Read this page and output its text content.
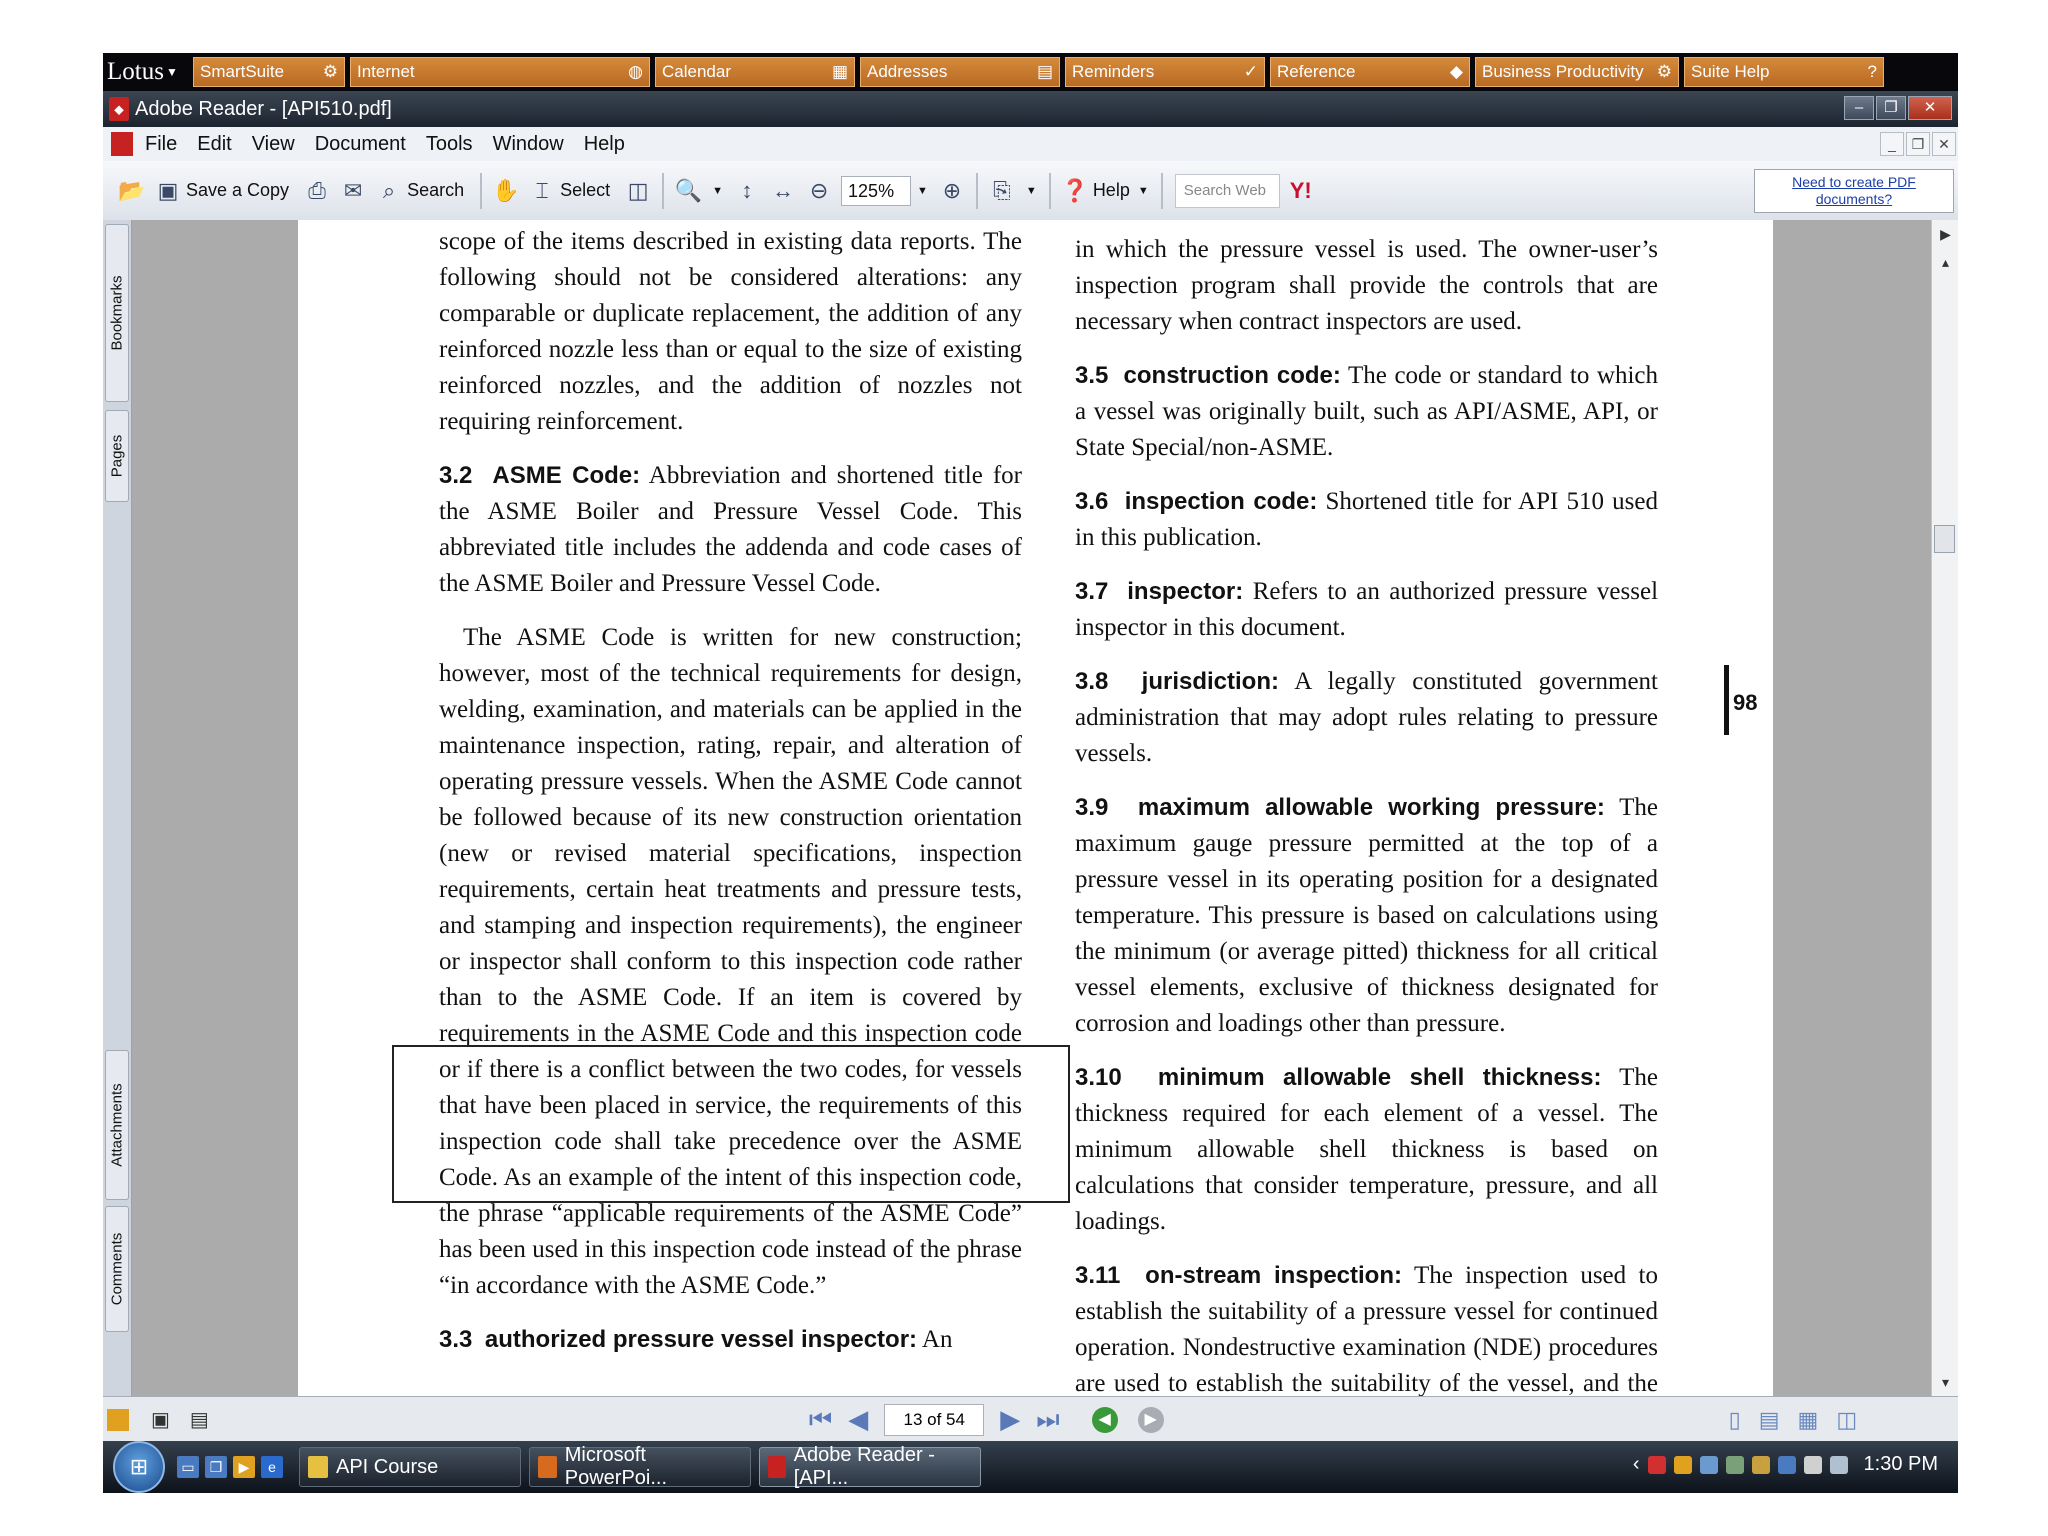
Lotus ▼ SmartSuite ⚙ Internet	◍ Calendar	▦ Addresses	▤ Reminders	✓ Reference	◆ Business Productivity ⚙ Suite Help	?
⬥ Adobe Reader - [API510.pdf]	–	❐	✕
File	Edit	View	Document	Tools	Window	Help	_	❐ ✕
📂 ▣ Save a Copy ⎙ ✉ ⌕ Search ✋ ⌶ Select ◫ 🔍 ▼ ↕ ↔ ⊖	125%	▼ ⊕ ⎘	▼ ❓ Help ▼	Search Web	Y!	Need to create PDF documents?
Bookmarks
Pages
Attachments
Comments

scope of the items described in existing data reports. The following should not be considered alterations: any comparable or duplicate replacement, the addition of any reinforced nozzle less than or equal to the size of existing reinforced nozzles, and the addition of nozzles not requiring reinforcement.

3.2 ASME Code: Abbreviation and shortened title for the ASME Boiler and Pressure Vessel Code. This abbreviated title includes the addenda and code cases of the ASME Boiler and Pressure Vessel Code.

The ASME Code is written for new construction; however, most of the technical requirements for design, welding, examination, and materials can be applied in the maintenance inspection, rating, repair, and alteration of operating pressure vessels. When the ASME Code cannot be followed because of its new construction orientation (new or revised material specifications, inspection requirements, certain heat treatments and pressure tests, and stamping and inspection requirements), the engineer or inspector shall conform to this inspection code rather than to the ASME Code. If an item is covered by requirements in the ASME Code and this inspection code or if there is a conflict between the two codes, for vessels that have been placed in service, the requirements of this inspection code shall take precedence over the ASME Code. As an example of the intent of this inspection code, the phrase “applicable requirements of the ASME Code” has been used in this inspection code instead of the phrase “in accordance with the ASME Code.”

3.3 authorized pressure vessel inspector: An

in which the pressure vessel is used. The owner-user’s inspection program shall provide the controls that are necessary when contract inspectors are used.

3.5 construction code: The code or standard to which a vessel was originally built, such as API/ASME, API, or State Special/non-ASME.

3.6 inspection code: Shortened title for API 510 used in this publication.

3.7 inspector: Refers to an authorized pressure vessel inspector in this document.

3.8 jurisdiction: A legally constituted government administration that may adopt rules relating to pressure vessels.

3.9 maximum allowable working pressure: The maximum gauge pressure permitted at the top of a pressure vessel in its operating position for a designated temperature. This pressure is based on calculations using the minimum (or average pitted) thickness for all critical vessel elements, exclusive of thickness designated for corrosion and loadings other than pressure.

3.10 minimum allowable shell thickness: The thickness required for each element of a vessel. The minimum allowable shell thickness is based on calculations that consider temperature, pressure, and all loadings.

3.11 on-stream inspection: The inspection used to establish the suitability of a pressure vessel for continued operation. Nondestructive examination (NDE) procedures are used to establish the suitability of the vessel, and the

98
▶
▴
▾
▣ ▤	⏮ ◀	13 of 54	▶ ⏭	◀	▶	▯ ▤ ▦ ◫
⊞	▭	❐	▶	e	API Course
Microsoft PowerPoi...
Adobe Reader - [API...
‹	1:30 PM
